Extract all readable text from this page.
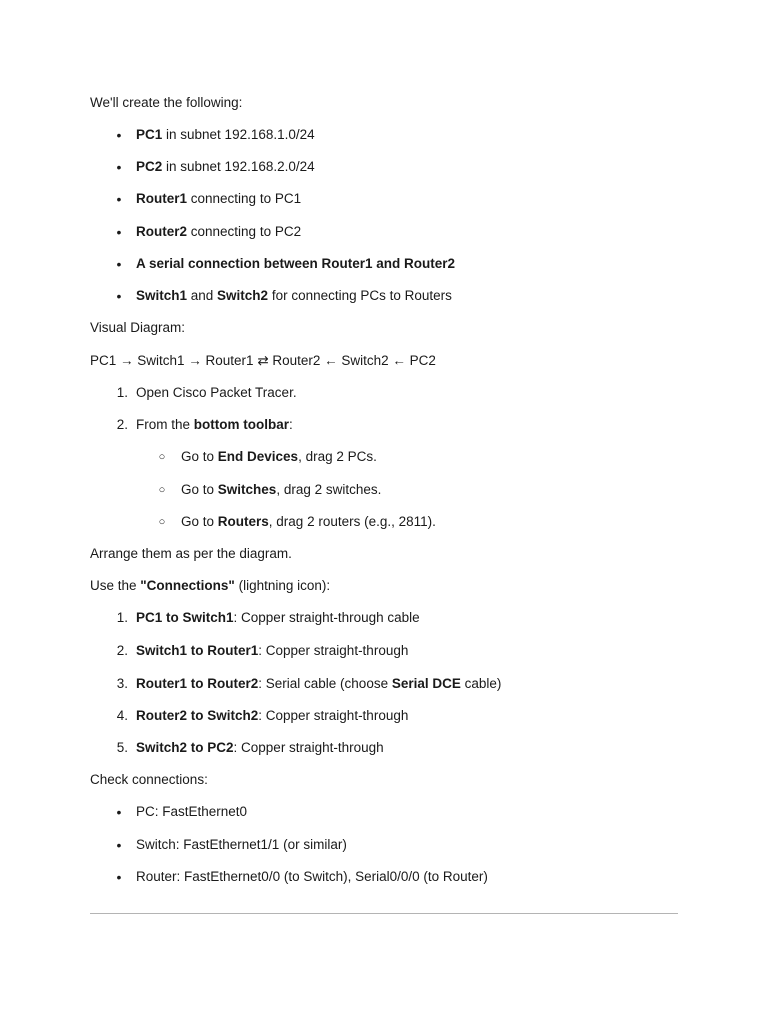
We'll create the following:
• PC1 in subnet 192.168.1.0/24
• PC2 in subnet 192.168.2.0/24
• Router1 connecting to PC1
• Router2 connecting to PC2
• A serial connection between Router1 and Router2
• Switch1 and Switch2 for connecting PCs to Routers
Visual Diagram:
PC1 → Switch1 → Router1 ⇄ Router2 ← Switch2 ← PC2
1. Open Cisco Packet Tracer.
2. From the bottom toolbar:
○ Go to End Devices, drag 2 PCs.
○ Go to Switches, drag 2 switches.
○ Go to Routers, drag 2 routers (e.g., 2811).
Arrange them as per the diagram.
Use the "Connections" (lightning icon):
1. PC1 to Switch1: Copper straight-through cable
2. Switch1 to Router1: Copper straight-through
3. Router1 to Router2: Serial cable (choose Serial DCE cable)
4. Router2 to Switch2: Copper straight-through
5. Switch2 to PC2: Copper straight-through
Check connections:
• PC: FastEthernet0
• Switch: FastEthernet1/1 (or similar)
• Router: FastEthernet0/0 (to Switch), Serial0/0/0 (to Router)
